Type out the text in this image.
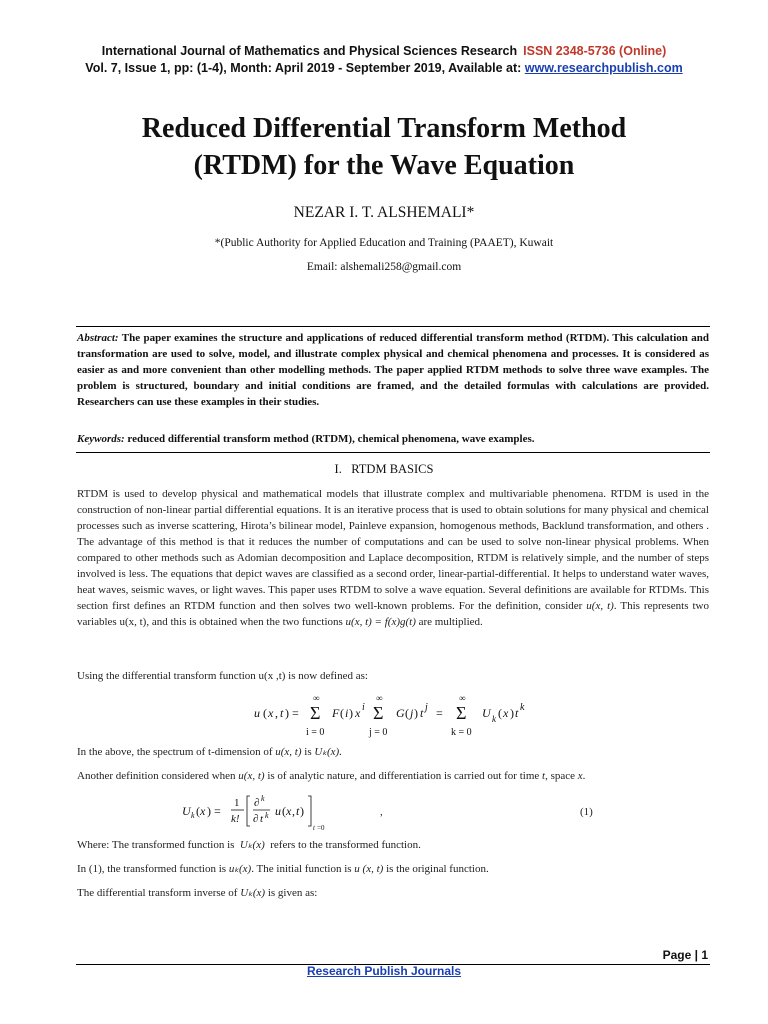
International Journal of Mathematics and Physical Sciences Research ISSN 2348-5736 (Online)
Vol. 7, Issue 1, pp: (1-4), Month: April 2019 - September 2019, Available at: www.researchpublish.com
Reduced Differential Transform Method
(RTDM) for the Wave Equation
NEZAR I. T. ALSHEMALI*
*(Public Authority for Applied Education and Training (PAAET), Kuwait
Email: alshemali258@gmail.com
Abstract: The paper examines the structure and applications of reduced differential transform method (RTDM). This calculation and transformation are used to solve, model, and illustrate complex physical and chemical phenomena and processes. It is considered as easier as and more convenient than other modelling methods. The paper applied RTDM methods to solve three wave examples. The problem is structured, boundary and initial conditions are framed, and the detailed formulas with calculations are provided. Researchers can use these examples in their studies.
Keywords: reduced differential transform method (RTDM), chemical phenomena, wave examples.
I. RTDM BASICS
RTDM is used to develop physical and mathematical models that illustrate complex and multivariable phenomena. RTDM is used in the construction of non-linear partial differential equations. It is an iterative process that is used to obtain solutions for many physical and chemical processes such as inverse scattering, Hirota’s bilinear model, Painleve expansion, homogenous methods, Backlund transformation, and others . The advantage of this method is that it reduces the number of computations and can be used to solve non-linear physical problems. When compared to other methods such as Adomian decomposition and Laplace decomposition, RTDM is relatively simple, and the number of steps involved is less. The equations that depict waves are classified as a second order, linear-partial-differential. It helps to understand water waves, heat waves, seismic waves, or light waves. This paper uses RTDM to solve a wave equation. Several definitions are available for RTDMs. This section first defines an RTDM function and then solves two well-known problems. For the definition, consider u(x, t). This represents two variables u(x, t), and this is obtained when the two functions u(x, t) = f(x)g(t) are multiplied.
Using the differential transform function u(x ,t) is now defined as:
u ( x , t ) =
∞
Σ
i = 0
F ( i ) x i
∞
Σ
j = 0
G ( j ) t j =
∞
Σ
k = 0
U k ( x ) t k
In the above, the spectrum of t-dimension of u(x, t) is Uₖ(x).
Another definition considered when u(x, t) is of analytic nature, and differentiation is carried out for time t, space x.
U k ( x ) =
1
k!
∂ k
∂ t k u ( x , t )
t =0
,	(1)
Where: The transformed function is Uₖ(x) refers to the transformed function.
In (1), the transformed function is uₖ(x). The initial function is u (x, t) is the original function.
The differential transform inverse of Uₖ(x) is given as:
Page | 1
Research Publish Journals
